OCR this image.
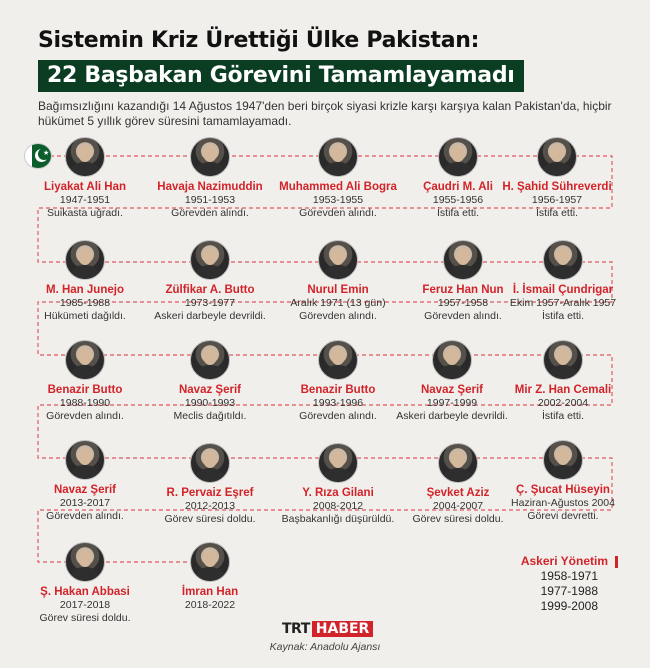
Sistemin Kriz Ürettiği Ülke Pakistan:
22 Başbakan Görevini Tamamlayamadı
Bağımsızlığını kazandığı 14 Ağustos 1947'den beri birçok siyasi krizle karşı karşıya kalan Pakistan'da, hiçbir hükümet 5 yıllık görev süresini tamamlayamadı.
★
Liyakat Ali Han
1947-1951
Suikasta uğradı.
Havaja Nazimuddin
1951-1953
Görevden alındı.
Muhammed Ali Bogra
1953-1955
Görevden alındı.
Çaudri M. Ali
1955-1956
İstifa etti.
H. Şahid Sühreverdi
1956-1957
İstifa etti.
İ. İsmail Çundrigar
Ekim 1957-Aralık 1957
İstifa etti.
Feruz Han Nun
1957-1958
Görevden alındı.
Nurul Emin
Aralık 1971 (13 gün)
Görevden alındı.
Zülfikar A. Butto
1973-1977
Askeri darbeyle devrildi.
M. Han Junejo
1985-1988
Hükümeti dağıldı.
Benazir Butto
1988-1990
Görevden alındı.
Navaz Şerif
1990-1993
Meclis dağıtıldı.
Benazir Butto
1993-1996
Görevden alındı.
Navaz Şerif
1997-1999
Askeri darbeyle devrildi.
Mir Z. Han Cemali
2002-2004
İstifa etti.
Ç. Şucat Hüseyin
Haziran-Ağustos 2004
Görevi devretti.
Şevket Aziz
2004-2007
Görev süresi doldu.
Y. Rıza Gilani
2008-2012
Başbakanlığı düşürüldü.
R. Pervaiz Eşref
2012-2013
Görev süresi doldu.
Navaz Şerif
2013-2017
Görevden alındı.
Ş. Hakan Abbasi
2017-2018
Görev süresi doldu.
İmran Han
2018-2022
Askeri Yönetim
1958-1971
1977-1988
1999-2008
TRT HABER
Kaynak: Anadolu Ajansı
